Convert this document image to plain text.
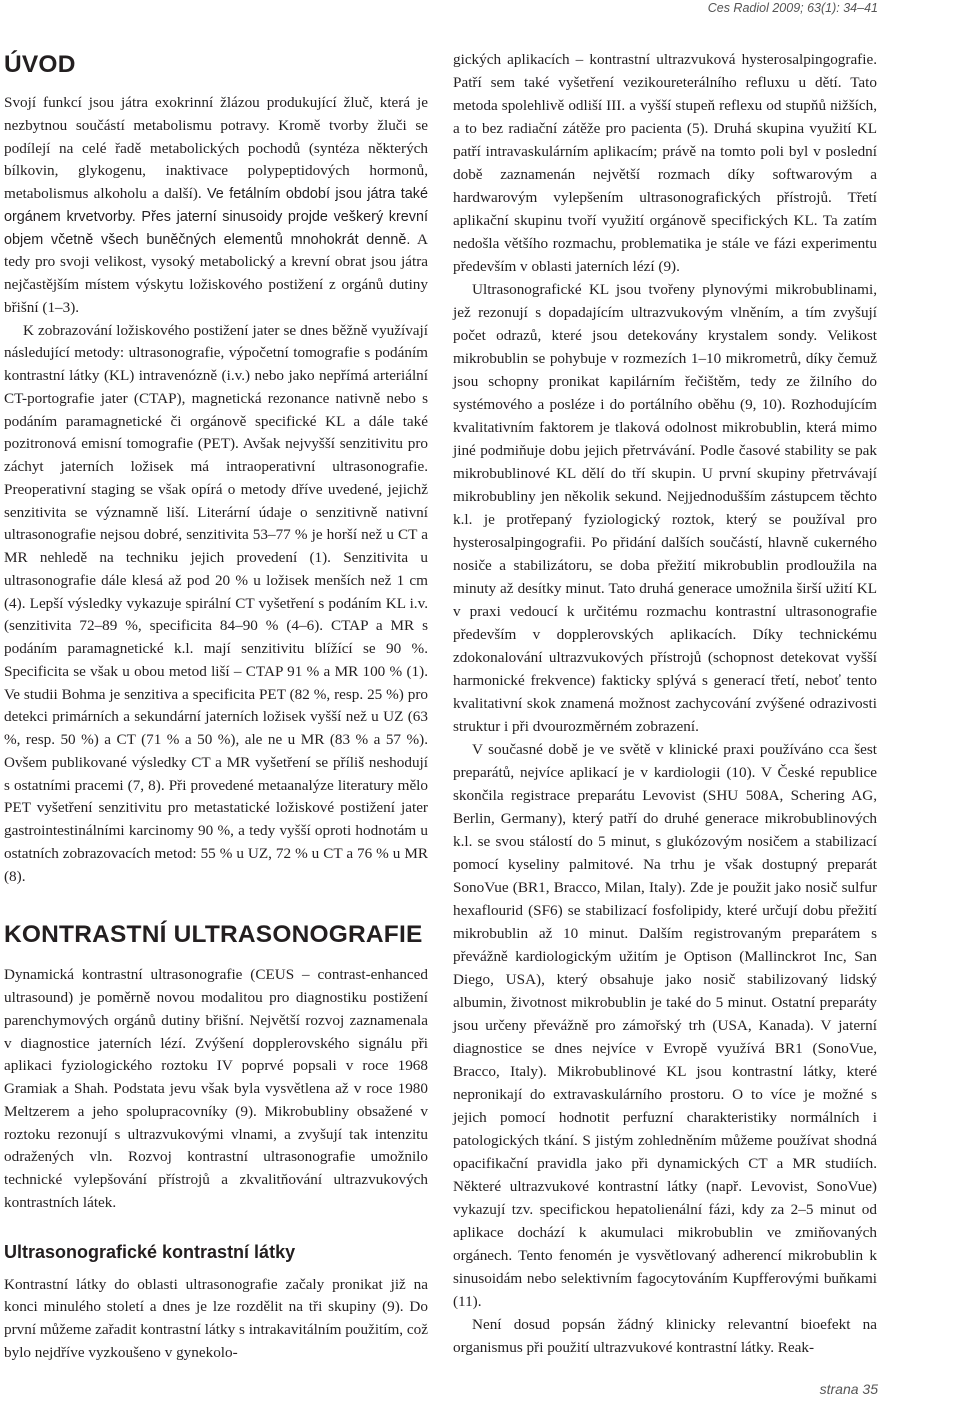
Ces Radiol 2009; 63(1): 34–41
ÚVOD

Svojí funkcí jsou játra exokrinní žlázou produkující žluč, která je nezbytnou součástí metabolismu potravy. Kromě tvorby žluči se podílejí na celé řadě metabolických pochodů (syntéza některých bílkovin, glykogenu, inaktivace polypeptidových hormonů, metabolismus alkoholu a další). Ve fetálním období jsou játra také orgánem krvetvorby. Přes jaterní sinusoidy projde veškerý krevní objem včetně všech buněčných elementů mnohokrát denně. A tedy pro svoji velikost, vysoký metabolický a krevní obrat jsou játra nejčastějším místem výskytu ložiskového postižení z orgánů dutiny břišní (1–3).

K zobrazování ložiskového postižení jater se dnes běžně využívají následující metody: ultrasonografie, výpočetní tomografie s podáním kontrastní látky (KL) intravenózně (i.v.) nebo jako nepřímá arteriální CT-portografie jater (CTAP), magnetická rezonance nativně nebo s podáním paramagnetické či orgánově specifické KL a dále také pozitronová emisní tomografie (PET). Avšak nejvyšší senzitivitu pro záchyt jaterních ložisek má intraoperativní ultrasonografie. Preoperativní staging se však opírá o metody dříve uvedené, jejichž senzitivita se významně liší. Literární údaje o senzitivně nativní ultrasonografie nejsou dobré, senzitivita 53–77 % je horší než u CT a MR nehledě na techniku jejich provedení (1). Senzitivita u ultrasonografie dále klesá až pod 20 % u ložisek menších než 1 cm (4). Lepší výsledky vykazuje spirální CT vyšetření s podáním KL i.v. (senzitivita 72–89 %, specificita 84–90 % (4–6). CTAP a MR s podáním paramagnetické k.l. mají senzitivitu blížící se 90 %. Specificita se však u obou metod liší – CTAP 91 % a MR 100 % (1). Ve studii Bohma je senzitiva a specificita PET (82 %, resp. 25 %) pro detekci primárních a sekundární jaterních ložisek vyšší než u UZ (63 %, resp. 50 %) a CT (71 % a 50 %), ale ne u MR (83 % a 57 %). Ovšem publikované výsledky CT a MR vyšetření se příliš neshodují s ostatními pracemi (7, 8). Při provedené metaanalýze literatury mělo PET vyšetření senzitivitu pro metastatické ložiskové postižení jater gastrointestinálními karcinomy 90 %, a tedy vyšší oproti hodnotám u ostatních zobrazovacích metod: 55 % u UZ, 72 % u CT a 76 % u MR (8).

KONTRASTNÍ ULTRASONOGRAFIE

Dynamická kontrastní ultrasonografie (CEUS – contrast-enhanced ultrasound) je poměrně novou modalitou pro diagnostiku postižení parenchymových orgánů dutiny břišní. Největší rozvoj zaznamenala v diagnostice jaterních lézí. Zvýšení dopplerovského signálu při aplikaci fyziologického roztoku IV poprvé popsali v roce 1968 Gramiak a Shah. Podstata jevu však byla vysvětlena až v roce 1980 Meltzerem a jeho spolupracovníky (9). Mikrobubliny obsažené v roztoku rezonují s ultrazvukovými vlnami, a zvyšují tak intenzitu odražených vln. Rozvoj kontrastní ultrasonografie umožnilo technické vylepšování přístrojů a zkvalitňování ultrazvukových kontrastních látek.

Ultrasonografické kontrastní látky

Kontrastní látky do oblasti ultrasonografie začaly pronikat již na konci minulého století a dnes je lze rozdělit na tři skupiny (9). Do první můžeme zařadit kontrastní látky s intrakavitálním použitím, což bylo nejdříve vyzkoušeno v gynekolo-

gických aplikacích – kontrastní ultrazvuková hysterosalpingografie. Patří sem také vyšetření vezikoureterálního refluxu u dětí. Tato metoda spolehlivě odliší III. a vyšší stupeň reflexu od stupňů nižších, a to bez radiační zátěže pro pacienta (5). Druhá skupina využití KL patří intravaskulárním aplikacím; právě na tomto poli byl v poslední době zaznamenán největší rozmach díky softwarovým a hardwarovým vylepšením ultrasonografických přístrojů. Třetí aplikační skupinu tvoří využití orgánově specifických KL. Ta zatím nedošla většího rozmachu, problematika je stále ve fázi experimentu především v oblasti jaterních lézí (9).

Ultrasonografické KL jsou tvořeny plynovými mikrobublinami, jež rezonují s dopadajícím ultrazvukovým vlněním, a tím zvyšují počet odrazů, které jsou detekovány krystalem sondy. Velikost mikrobublin se pohybuje v rozmezích 1–10 mikrometrů, díky čemuž jsou schopny pronikat kapilárním řečištěm, tedy ze žilního do systémového a posléze i do portálního oběhu (9, 10). Rozhodujícím kvalitativním faktorem je tlaková odolnost mikrobublin, která mimo jiné podmiňuje dobu jejich přetrvávání. Podle časové stability se pak mikrobublinové KL dělí do tří skupin. U první skupiny přetrvávají mikrobubliny jen několik sekund. Nejjednodušším zástupcem těchto k.l. je protřepaný fyziologický roztok, který se používal pro hysterosalpingografii. Po přidání dalších součástí, hlavně cukerného nosiče a stabilizátoru, se doba přežití mikrobublin prodloužila na minuty až desítky minut. Tato druhá generace umožnila širší užití KL v praxi vedoucí k určitému rozmachu kontrastní ultrasonografie především v dopplerovských aplikacích. Díky technickému zdokonalování ultrazvukových přístrojů (schopnost detekovat vyšší harmonické frekvence) fakticky splývá s generací třetí, neboť tento kvalitativní skok znamená možnost zachycování zvýšené odrazivosti struktur i při dvourozměrném zobrazení.

V současné době je ve světě v klinické praxi používáno cca šest preparátů, nejvíce aplikací je v kardiologii (10). V České republice skončila registrace preparátu Levovist (SHU 508A, Schering AG, Berlin, Germany), který patří do druhé generace mikrobublinových k.l. se svou stálostí do 5 minut, s glukózovým nosičem a stabilizací pomocí kyseliny palmitové. Na trhu je však dostupný preparát SonoVue (BR1, Bracco, Milan, Italy). Zde je použit jako nosič sulfur hexaflourid (SF6) se stabilizací fosfolipidy, které určují dobu přežití mikrobublin až 10 minut. Dalším registrovaným preparátem s převážně kardiologickým užitím je Optison (Mallinckrot Inc, San Diego, USA), který obsahuje jako nosič stabilizovaný lidský albumin, životnost mikrobublin je také do 5 minut. Ostatní preparáty jsou určeny převážně pro zámořský trh (USA, Kanada). V jaterní diagnostice se dnes nejvíce v Evropě využívá BR1 (SonoVue, Bracco, Italy). Mikrobublinové KL jsou kontrastní látky, které nepronikají do extravaskulárního prostoru. O to více je možné s jejich pomocí hodnotit perfuzní charakteristiky normálních i patologických tkání. S jistým zohledněním můžeme používat shodná opacifikační pravidla jako při dynamických CT a MR studiích. Některé ultrazvukové kontrastní látky (např. Levovist, SonoVue) vykazují tzv. specifickou hepatolienální fázi, kdy za 2–5 minut od aplikace dochází k akumulaci mikrobublin ve zmiňovaných orgánech. Tento fenomén je vysvětlovaný adherencí mikrobublin k sinusoidám nebo selektivním fagocytováním Kupfferovými buňkami (11).

Není dosud popsán žádný klinicky relevantní bioefekt na organismus při použití ultrazvukové kontrastní látky. Reak-

strana 35
